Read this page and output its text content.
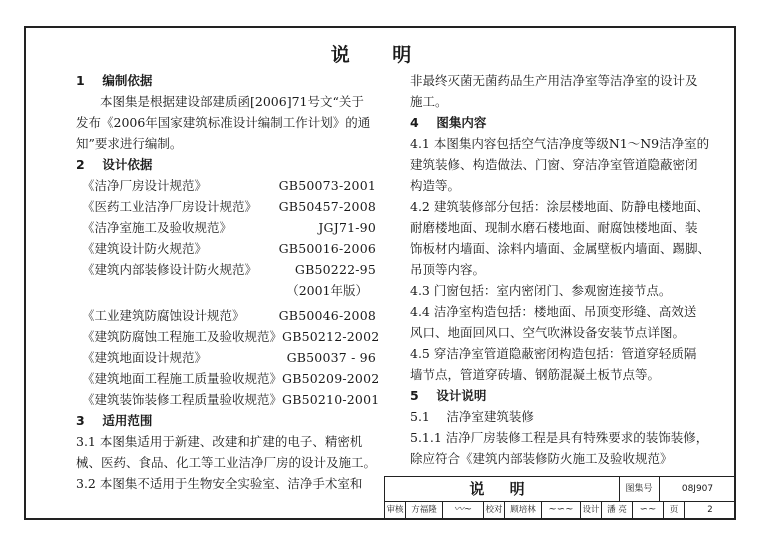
说 明
1 编制依据
本图集是根据建设部建质函[2006]71号文“关于
发布《2006年国家建筑标准设计编制工作计划》的通
知”要求进行编制。
2 设计依据
《洁净厂房设计规范》	GB50073-2001
《医药工业洁净厂房设计规范》 GB50457-2008
《洁净室施工及验收规范》	JGJ71-90
《建筑设计防火规范》	GB50016-2006
《建筑内部装修设计防火规范》	GB50222-95
（2001年版）
《工业建筑防腐蚀设计规范》	GB50046-2008
《建筑防腐蚀工程施工及验收规范》 GB50212-2002
《建筑地面设计规范》	GB50037 - 96
《建筑地面工程施工质量验收规范》 GB50209-2002
《建筑装饰装修工程质量验收规范》 GB50210-2001
3 适用范围
3.1 本图集适用于新建、改建和扩建的电子、精密机
械、医药、食品、化工等工业洁净厂房的设计及施工。
3.2 本图集不适用于生物安全实验室、洁净手术室和
非最终灭菌无菌药品生产用洁净室等洁净室的设计及
施工。
4 图集内容
4.1 本图集内容包括空气洁净度等级N1～N9洁净室的
建筑装修、构造做法、门窗、穿洁净室管道隐蔽密闭
构造等。
4.2 建筑装修部分包括：涂层楼地面、防静电楼地面、
耐磨楼地面、现制水磨石楼地面、耐腐蚀楼地面、装
饰板材内墙面、涂料内墙面、金属壁板内墙面、踢脚、
吊顶等内容。
4.3 门窗包括：室内密闭门、参观窗连接节点。
4.4 洁净室构造包括：楼地面、吊顶变形缝、高效送
风口、地面回风口、空气吹淋设备安装节点详图。
4.5 穿洁净室管道隐蔽密闭构造包括：管道穿轻质隔
墙节点，管道穿砖墙、钢筋混凝土板节点等。
5 设计说明
5.1　 洁净室建筑装修
5.1.1 洁净厂房装修工程是具有特殊要求的装饰装修，
除应符合《建筑内部装修防火施工及验收规范》
说 明	图集号	08J907
审核 方福隆	〰~	校对 顾培林	~∽~	设计 潘 亮	∽~	页	2
